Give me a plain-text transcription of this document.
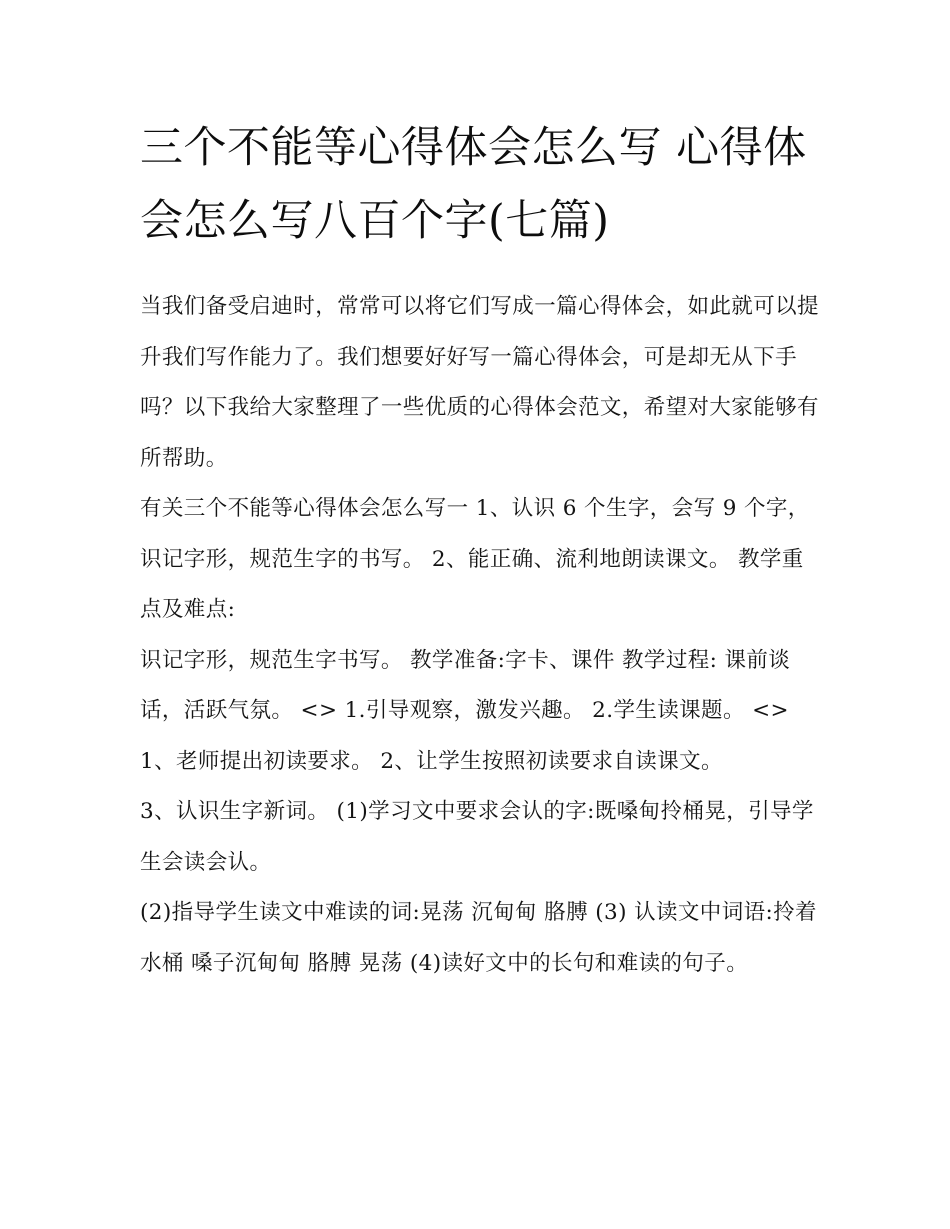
三个不能等心得体会怎么写 心得体会怎么写八百个字(七篇)

当我们备受启迪时，常常可以将它们写成一篇心得体会，如此就可以提升我们写作能力了。我们想要好好写一篇心得体会，可是却无从下手吗？以下我给大家整理了一些优质的心得体会范文，希望对大家能够有所帮助。

有关三个不能等心得体会怎么写一 1、认识 6 个生字，会写 9 个字，识记字形，规范生字的书写。 2、能正确、流利地朗读课文。 教学重点及难点:

识记字形，规范生字书写。 教学准备:字卡、课件 教学过程: 课前谈话，活跃气氛。 <> 1.引导观察，激发兴趣。 2.学生读课题。 <>

1、老师提出初读要求。 2、让学生按照初读要求自读课文。

3、认识生字新词。 (1)学习文中要求会认的字:既嗓甸拎桶晃，引导学生会读会认。

(2)指导学生读文中难读的词:晃荡 沉甸甸 胳膊 (3) 认读文中词语:拎着水桶 嗓子沉甸甸 胳膊 晃荡 (4)读好文中的长句和难读的句子。
